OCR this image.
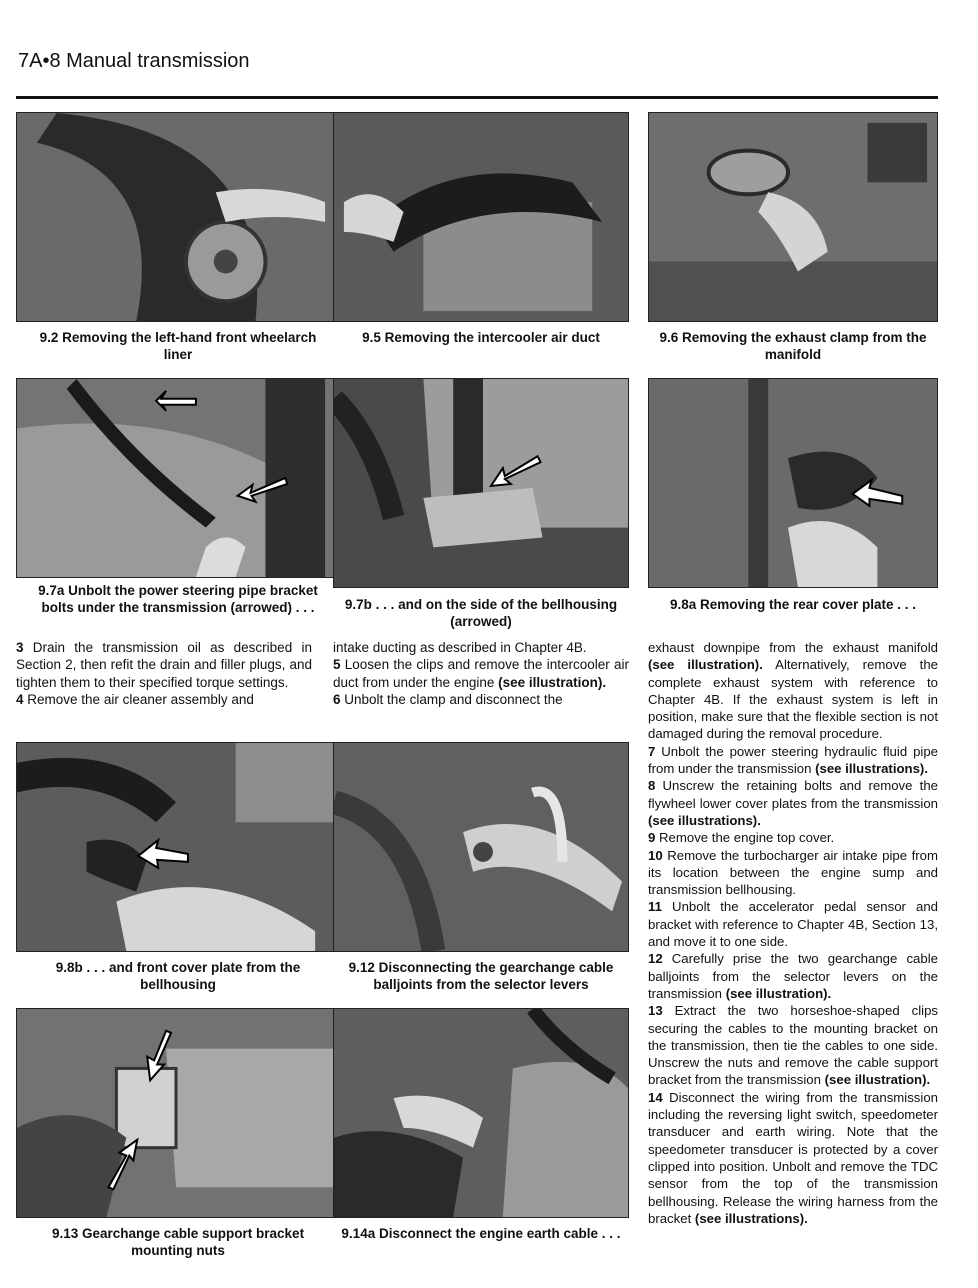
7A•8 Manual transmission
9.2 Removing the left-hand front wheelarch liner
9.5 Removing the intercooler air duct	9.6 Removing the exhaust clamp from the manifold
9.7a Unbolt the power steering pipe bracket bolts under the transmission (arrowed) . . .	9.7b . . . and on the side of the bellhousing (arrowed)
9.8a Removing the rear cover plate . . .

3 Drain the transmission oil as described in Section 2, then refit the drain and filler plugs, and tighten them to their specified torque settings.

4 Remove the air cleaner assembly and

intake ducting as described in Chapter 4B.

5 Loosen the clips and remove the intercooler air duct from under the engine (see illustration).

6 Unbolt the clamp and disconnect the

9.8b . . . and front cover plate from the bellhousing
9.12 Disconnecting the gearchange cable balljoints from the selector levers
9.13 Gearchange cable support bracket mounting nuts
9.14a Disconnect the engine earth cable . . .

exhaust downpipe from the exhaust manifold (see illustration). Alternatively, remove the complete exhaust system with reference to Chapter 4B. If the exhaust system is left in position, make sure that the flexible section is not damaged during the removal procedure.

7 Unbolt the power steering hydraulic fluid pipe from under the transmission (see illustrations).

8 Unscrew the retaining bolts and remove the flywheel lower cover plates from the transmission (see illustrations).

9 Remove the engine top cover.

10 Remove the turbocharger air intake pipe from its location between the engine sump and transmission bellhousing.

11 Unbolt the accelerator pedal sensor and bracket with reference to Chapter 4B, Section 13, and move it to one side.

12 Carefully prise the two gearchange cable balljoints from the selector levers on the transmission (see illustration).

13 Extract the two horseshoe-shaped clips securing the cables to the mounting bracket on the transmission, then tie the cables to one side. Unscrew the nuts and remove the cable support bracket from the transmission (see illustration).

14 Disconnect the wiring from the transmission including the reversing light switch, speedometer transducer and earth wiring. Note that the speedometer transducer is protected by a cover clipped into position. Unbolt and remove the TDC sensor from the top of the transmission bellhousing. Release the wiring harness from the bracket (see illustrations).
